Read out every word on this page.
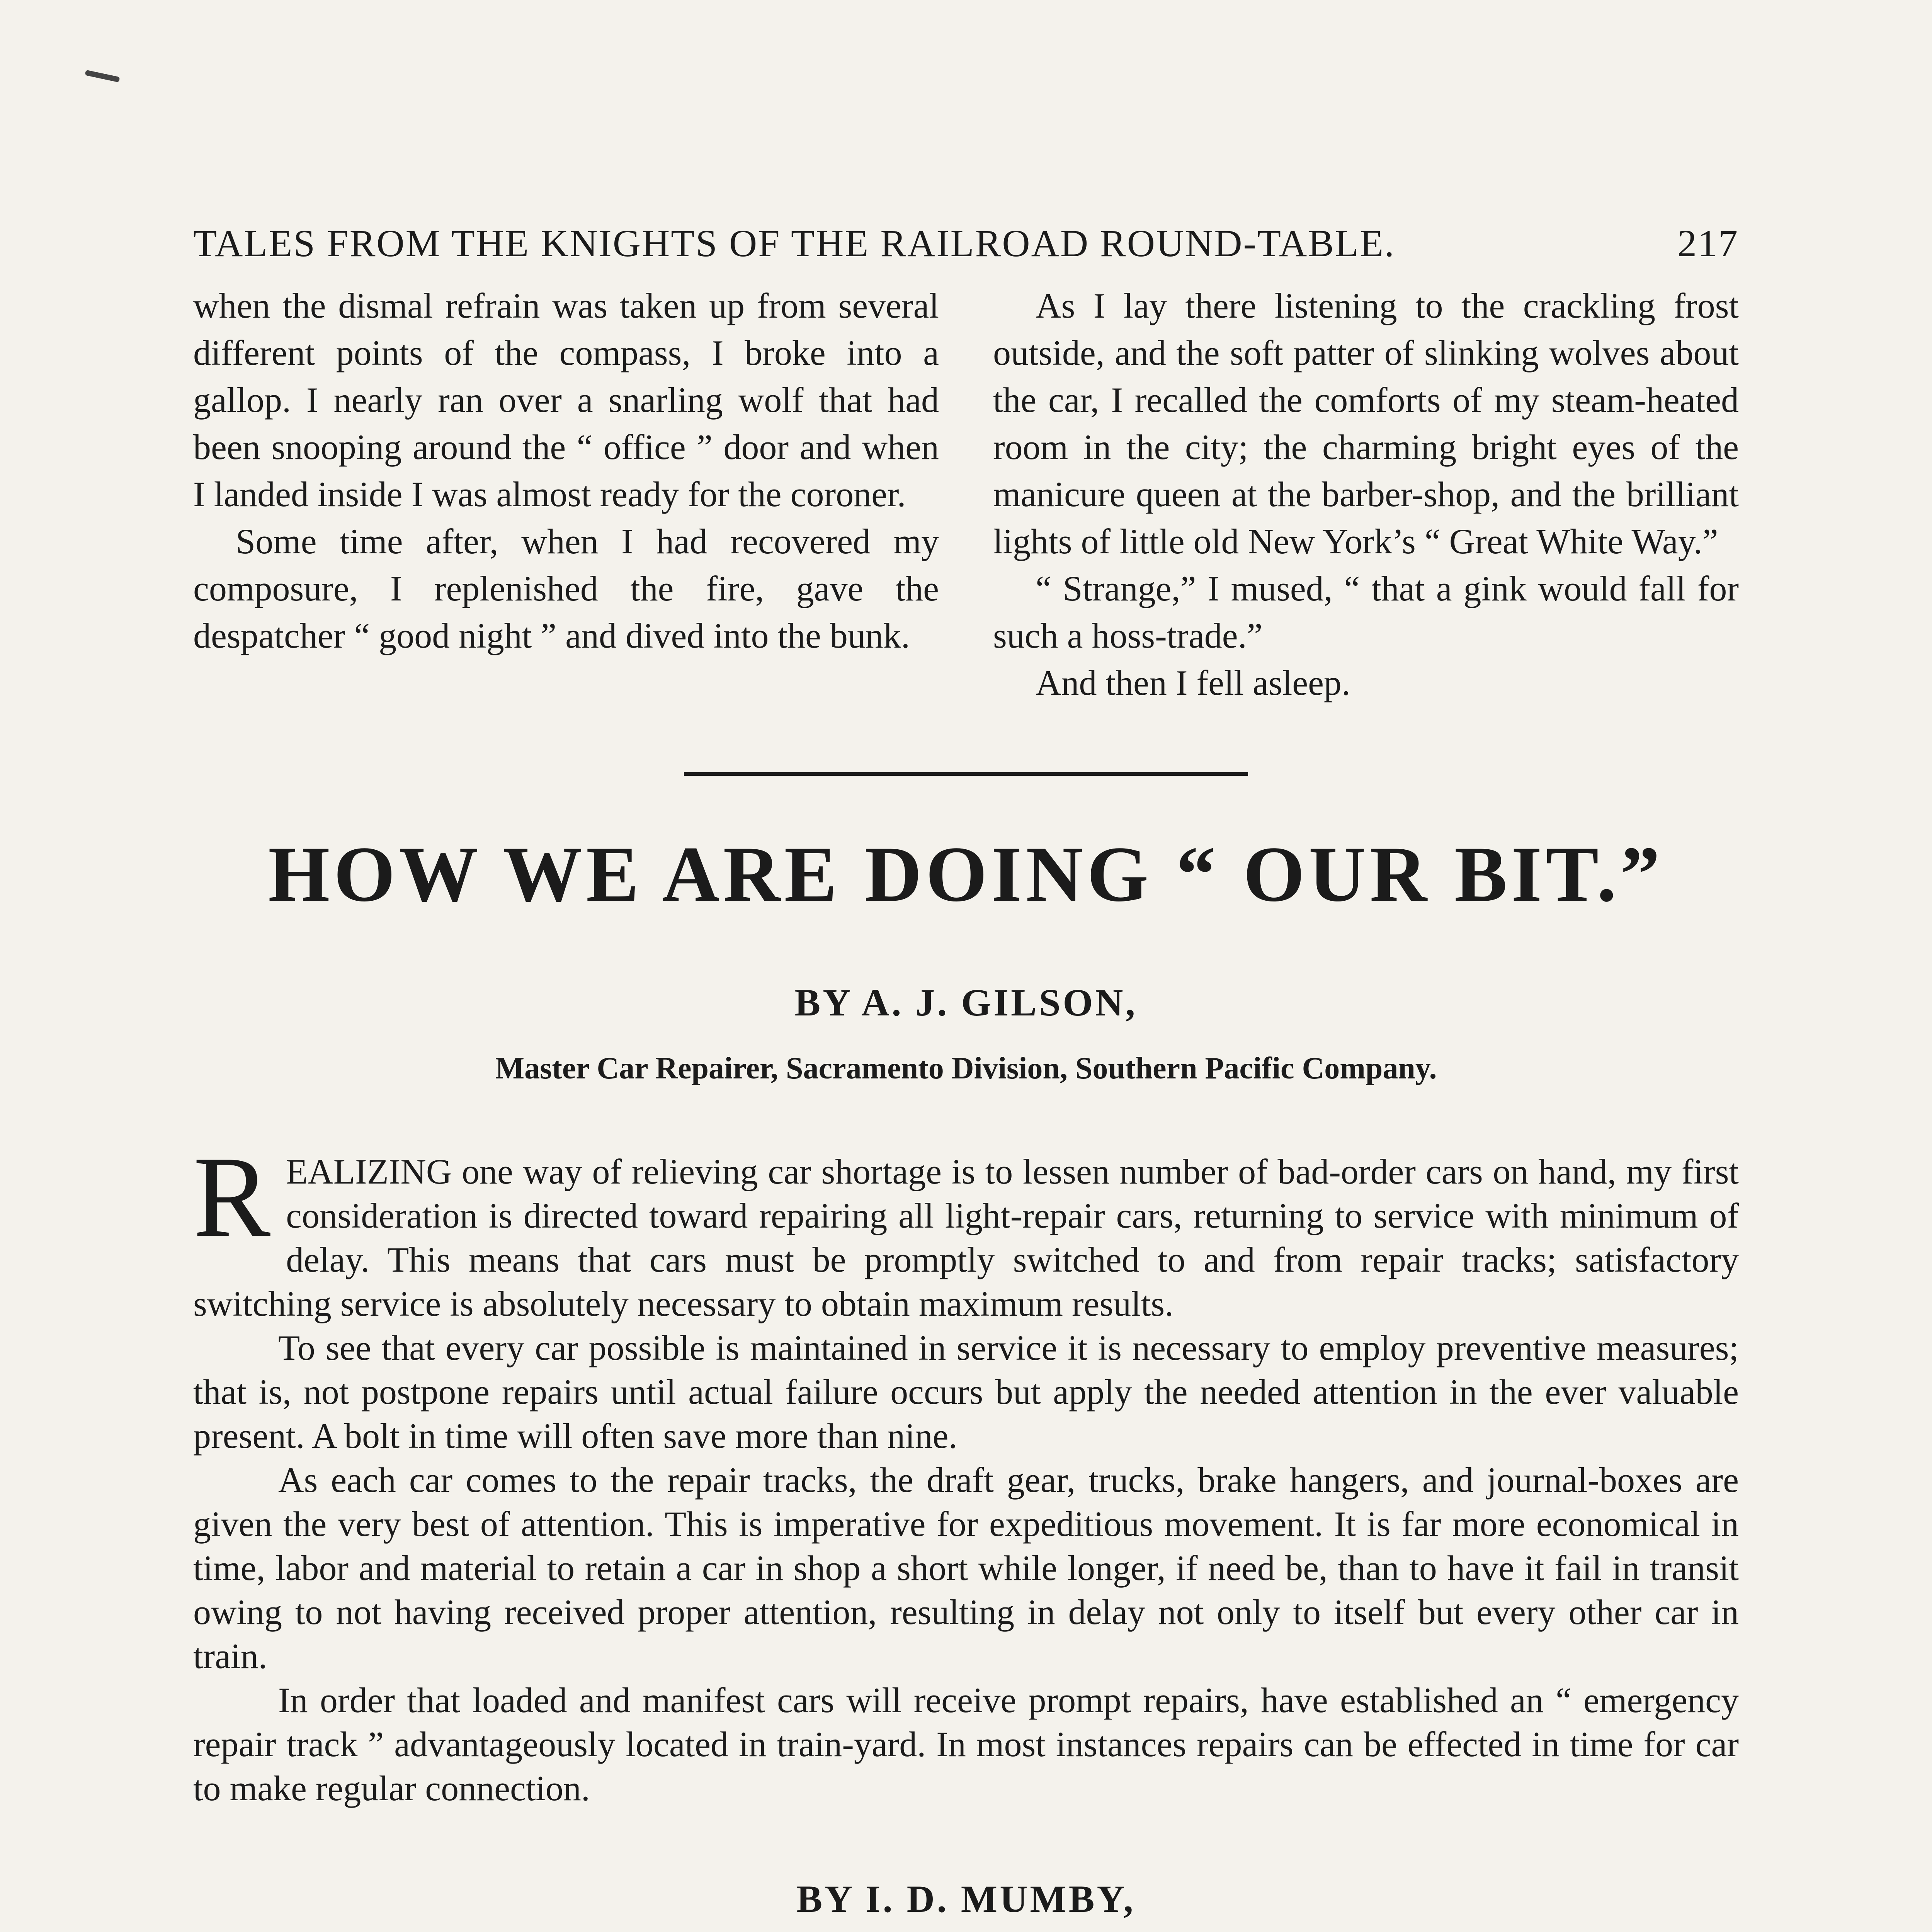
TALES FROM THE KNIGHTS OF THE RAILROAD ROUND-TABLE.	217

when the dismal refrain was taken up from several different points of the compass, I broke into a gallop. I nearly ran over a snarling wolf that had been snooping around the “ office ” door and when I landed inside I was almost ready for the coroner.

Some time after, when I had recovered my composure, I replenished the fire, gave the despatcher “ good night ” and dived into the bunk.

As I lay there listening to the crackling frost outside, and the soft patter of slinking wolves about the car, I recalled the comforts of my steam-heated room in the city; the charming bright eyes of the manicure queen at the barber-shop, and the brilliant lights of little old New York’s “ Great White Way.”

“ Strange,” I mused, “ that a gink would fall for such a hoss-trade.”

And then I fell asleep.

HOW WE ARE DOING “ OUR BIT.”
BY A. J. GILSON,
Master Car Repairer, Sacramento Division, Southern Pacific Company.

REALIZING one way of relieving car shortage is to lessen number of bad-order cars on hand, my first consideration is directed toward repairing all light-repair cars, returning to service with minimum of delay. This means that cars must be promptly switched to and from repair tracks; satisfactory switching service is absolutely necessary to obtain maximum results.

To see that every car possible is maintained in service it is necessary to employ preventive measures; that is, not postpone repairs until actual failure occurs but apply the needed attention in the ever valuable present. A bolt in time will often save more than nine.

As each car comes to the repair tracks, the draft gear, trucks, brake hangers, and journal-boxes are given the very best of attention. This is imperative for expeditious movement. It is far more economical in time, labor and material to retain a car in shop a short while longer, if need be, than to have it fail in transit owing to not having received proper attention, resulting in delay not only to itself but every other car in train.

In order that loaded and manifest cars will receive prompt repairs, have established an “ emergency repair track ” advantageously located in train-yard. In most instances repairs can be effected in time for car to make regular connection.

BY I. D. MUMBY,
